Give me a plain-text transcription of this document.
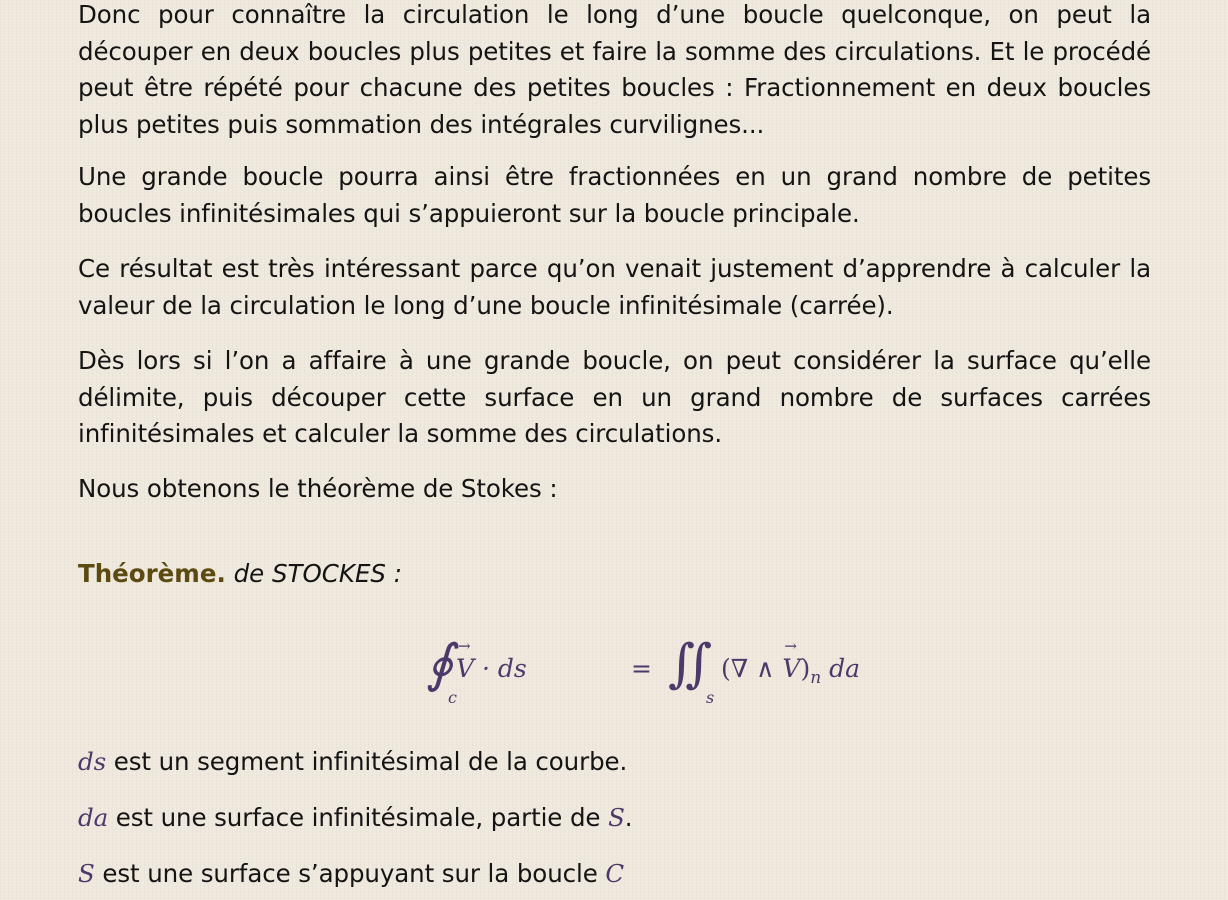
Donc pour connaître la circulation le long d’une boucle quelconque, on peut la découper en deux boucles plus petites et faire la somme des circulations. Et le procédé peut être répété pour chacune des petites boucles : Fractionnement en deux boucles plus petites puis sommation des intégrales curvilignes...

Une grande boucle pourra ainsi être fractionnées en un grand nombre de petites boucles infinitésimales qui s’appuieront sur la boucle principale.

Ce résultat est très intéressant parce qu’on venait justement d’apprendre à calculer la valeur de la circulation le long d’une boucle infinitésimale (carrée).

Dès lors si l’on a affaire à une grande boucle, on peut considérer la surface qu’elle délimite, puis découper cette surface en un grand nombre de surfaces carrées infinitésimales et calculer la somme des circulations.

Nous obtenons le théorème de Stokes :

Théorème. de STOCKES :

∮
c
→ V · ds	= ∬
s
(∇ ∧ → $V)_n$ da

ds est un segment infinitésimal de la courbe.

da est une surface infinitésimale, partie de S.

S est une surface s’appuyant sur la boucle C
